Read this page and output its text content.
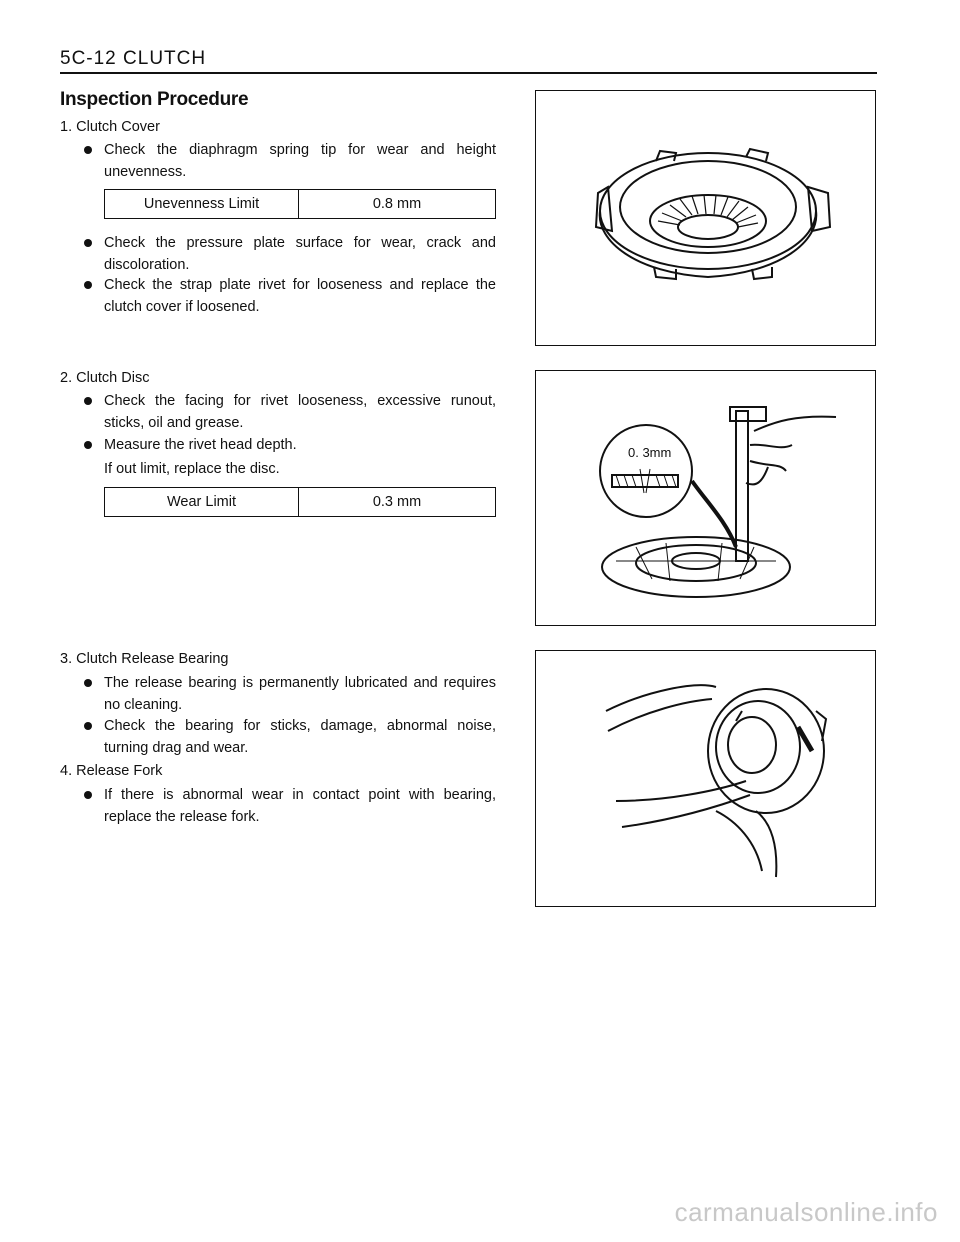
5C-12 CLUTCH
Inspection Procedure
1. Clutch Cover
Check the diaphragm spring tip for wear and height unevenness.
Unevenness Limit	0.8 mm
Check the pressure plate surface for wear, crack and discoloration.
Check the strap plate rivet for looseness and replace the clutch cover if loosened.
2. Clutch Disc
Check the facing for rivet looseness, excessive runout, sticks, oil and grease.
Measure the rivet head depth.
If out limit, replace the disc.
Wear Limit	0.3 mm
3. Clutch Release Bearing
The release bearing is permanently lubricated and requires no cleaning.
Check the bearing for sticks, damage, abnormal noise, turning drag and wear.
4. Release Fork
If there is abnormal wear in contact point with bearing, replace the release fork.
0. 3mm
carmanualsonline.info
